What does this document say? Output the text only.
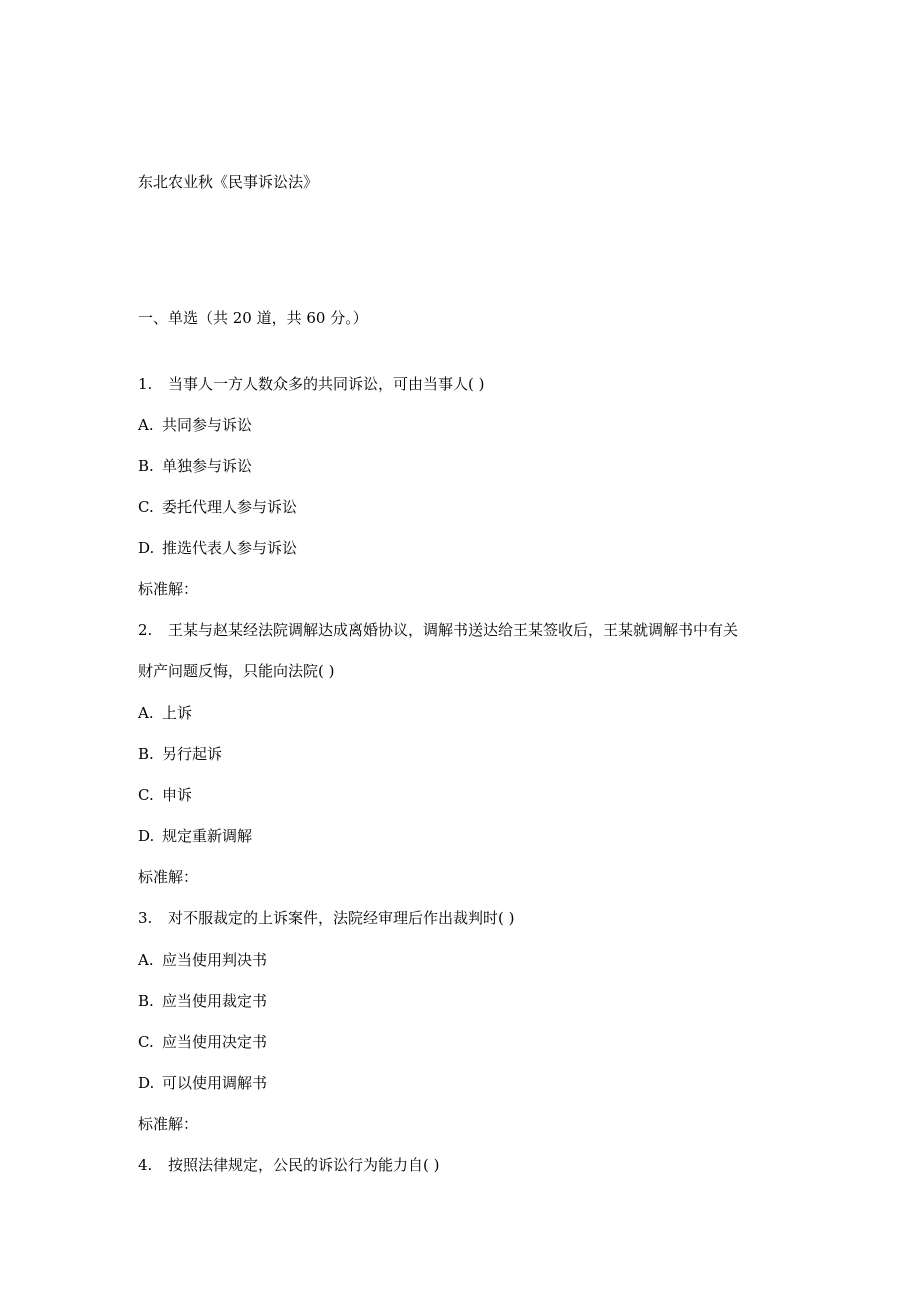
东北农业秋《民事诉讼法》
一、单选（共 20 道，共 60 分。）
1. 当事人一方人数众多的共同诉讼，可由当事人( )
A. 共同参与诉讼
B. 单独参与诉讼
C. 委托代理人参与诉讼
D. 推选代表人参与诉讼
标准解：
2. 王某与赵某经法院调解达成离婚协议，调解书送达给王某签收后，王某就调解书中有关
财产问题反悔，只能向法院( )
A. 上诉
B. 另行起诉
C. 申诉
D. 规定重新调解
标准解：
3. 对不服裁定的上诉案件，法院经审理后作出裁判时( )
A. 应当使用判决书
B. 应当使用裁定书
C. 应当使用决定书
D. 可以使用调解书
标准解：
4. 按照法律规定，公民的诉讼行为能力自( )
